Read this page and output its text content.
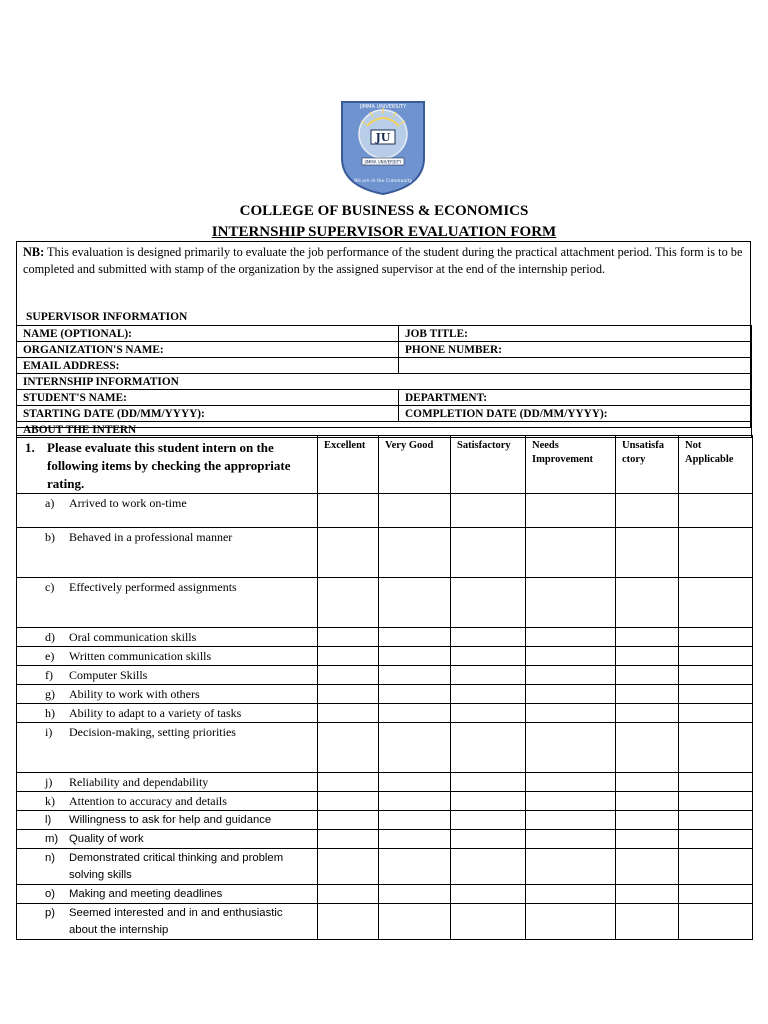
JU
JIMMA UNIVERSITY
JIMMA UNIVERSITY
We are in the Community
COLLEGE OF BUSINESS & ECONOMICS
INTERNSHIP SUPERVISOR EVALUATION FORM
NB: This evaluation is designed primarily to evaluate the job performance of the student during the practical attachment period. This form is to be completed and submitted with stamp of the organization by the assigned supervisor at the end of the internship period.
SUPERVISOR INFORMATION
NAME (OPTIONAL):	JOB TITLE:
ORGANIZATION'S NAME:	PHONE NUMBER:
EMAIL ADDRESS:	
INTERNSHIP INFORMATION	
STUDENT'S NAME:	DEPARTMENT:
STARTING DATE (DD/MM/YYYY):	COMPLETION DATE (DD/MM/YYYY):
ABOUT THE INTERN	
1. Please evaluate this student intern on the following items by checking the appropriate rating.	Excellent	Very Good	Satisfactory	Needs Improvement	Unsatisfa ctory	Not Applicable

a) Arrived to work on-time						

b) Behaved in a professional manner						

c) Effectively performed assignments						

d) Oral communication skills						

e) Written communication skills						

f) Computer Skills						

g) Ability to work with others						

h) Ability to adapt to a variety of tasks						

i) Decision-making, setting priorities						

j) Reliability and dependability						

k) Attention to accuracy and details						

l) Willingness to ask for help and guidance						

m) Quality of work						

n) Demonstrated critical thinking and problem solving skills						

o) Making and meeting deadlines						

p) Seemed interested and in and enthusiastic about the internship						
